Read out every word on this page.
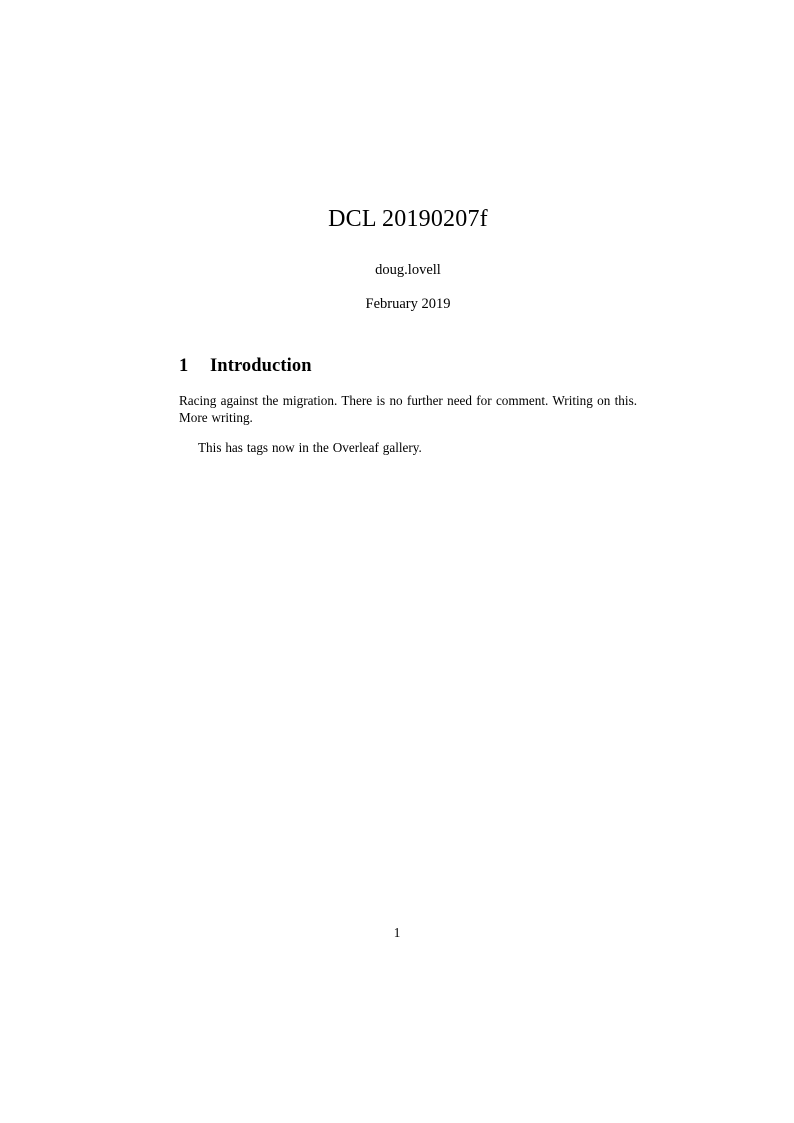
DCL 20190207f
doug.lovell
February 2019
1	Introduction

Racing against the migration. There is no further need for comment. Writing on this. More writing.

This has tags now in the Overleaf gallery.

1
